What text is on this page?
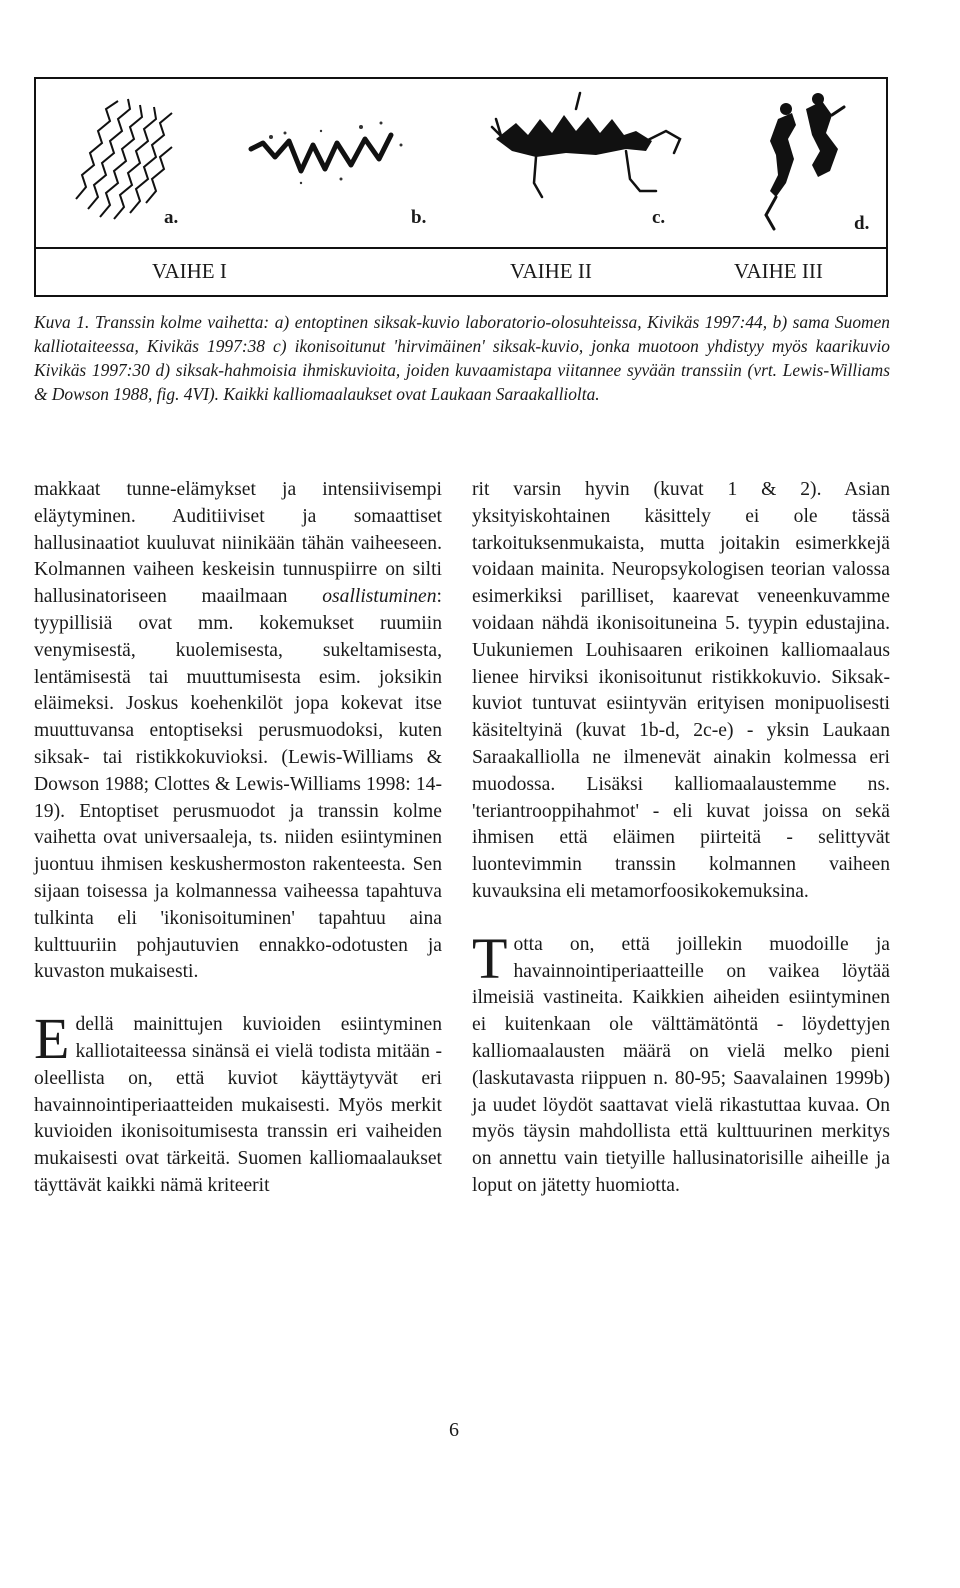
a.	b.	c.	d.
VAIHE I	VAIHE II	VAIHE III
Kuva 1. Transsin kolme vaihetta: a) entoptinen siksak-kuvio laboratorio-olosuhteissa, Kivikäs 1997:44, b) sama Suomen kalliotaiteessa, Kivikäs 1997:38 c) ikonisoitunut 'hirvimäinen' siksak-kuvio, jonka muotoon yhdistyy myös kaarikuvio Kivikäs 1997:30 d) siksak-hahmoisia ihmiskuvioita, joiden kuvaamistapa viitannee syvään transsiin (vrt. Lewis-Williams & Dowson 1988, fig. 4VI). Kaikki kalliomaalaukset ovat Laukaan Saraakalliolta.

makkaat tunne-elämykset ja intensiivisempi eläytyminen. Auditiiviset ja somaattiset hallusinaatiot kuuluvat niinikään tähän vaiheeseen. Kolmannen vaiheen keskeisin tunnuspiirre on silti hallusinatoriseen maailmaan osallistuminen: tyypillisiä ovat mm. kokemukset ruumiin venymisestä, kuolemisesta, sukeltamisesta, lentämisestä tai muuttumisesta esim. joksikin eläimeksi. Joskus koehenkilöt jopa kokevat itse muuttuvansa entoptiseksi perusmuodoksi, kuten siksak- tai ristikkokuvioksi. (Lewis-Williams & Dowson 1988; Clottes & Lewis-Williams 1998: 14-19). Entoptiset perusmuodot ja transsin kolme vaihetta ovat universaaleja, ts. niiden esiintyminen juontuu ihmisen keskushermoston rakenteesta. Sen sijaan toisessa ja kolmannessa vaiheessa tapahtuva tulkinta eli 'ikonisoituminen' tapahtuu aina kulttuuriin pohjautuvien ennakko-odotusten ja kuvaston mukaisesti.

Edellä mainittujen kuvioiden esiintyminen kalliotaiteessa sinänsä ei vielä todista mitään - oleellista on, että kuviot käyttäytyvät eri havainnointiperiaatteiden mukaisesti. Myös merkit kuvioiden ikonisoitumisesta transsin eri vaiheiden mukaisesti ovat tärkeitä. Suomen kalliomaalaukset täyttävät kaikki nämä kriteerit

rit varsin hyvin (kuvat 1 & 2). Asian yksityiskohtainen käsittely ei ole tässä tarkoituksenmukaista, mutta joitakin esimerkkejä voidaan mainita. Neuropsykologisen teorian valossa esimerkiksi parilliset, kaarevat veneenkuvamme voidaan nähdä ikonisoituneina 5. tyypin edustajina. Uukuniemen Louhisaaren erikoinen kalliomaalaus lienee hirviksi ikonisoitunut ristikkokuvio. Siksak-kuviot tuntuvat esiintyvän erityisen monipuolisesti käsiteltyinä (kuvat 1b-d, 2c-e) - yksin Laukaan Saraakalliolla ne ilmenevät ainakin kolmessa eri muodossa. Lisäksi kalliomaalaustemme ns. 'teriantrooppihahmot' - eli kuvat joissa on sekä ihmisen että eläimen piirteitä - selittyvät luontevimmin transsin kolmannen vaiheen kuvauksina eli metamorfoosikokemuksina.

Totta on, että joillekin muodoille ja havainnointiperiaatteille on vaikea löytää ilmeisiä vastineita. Kaikkien aiheiden esiintyminen ei kuitenkaan ole välttämätöntä - löydettyjen kalliomaalausten määrä on vielä melko pieni (laskutavasta riippuen n. 80-95; Saavalainen 1999b) ja uudet löydöt saattavat vielä rikastuttaa kuvaa. On myös täysin mahdollista että kulttuurinen merkitys on annettu vain tietyille hallusinatorisille aiheille ja loput on jätetty huomiotta.

6
